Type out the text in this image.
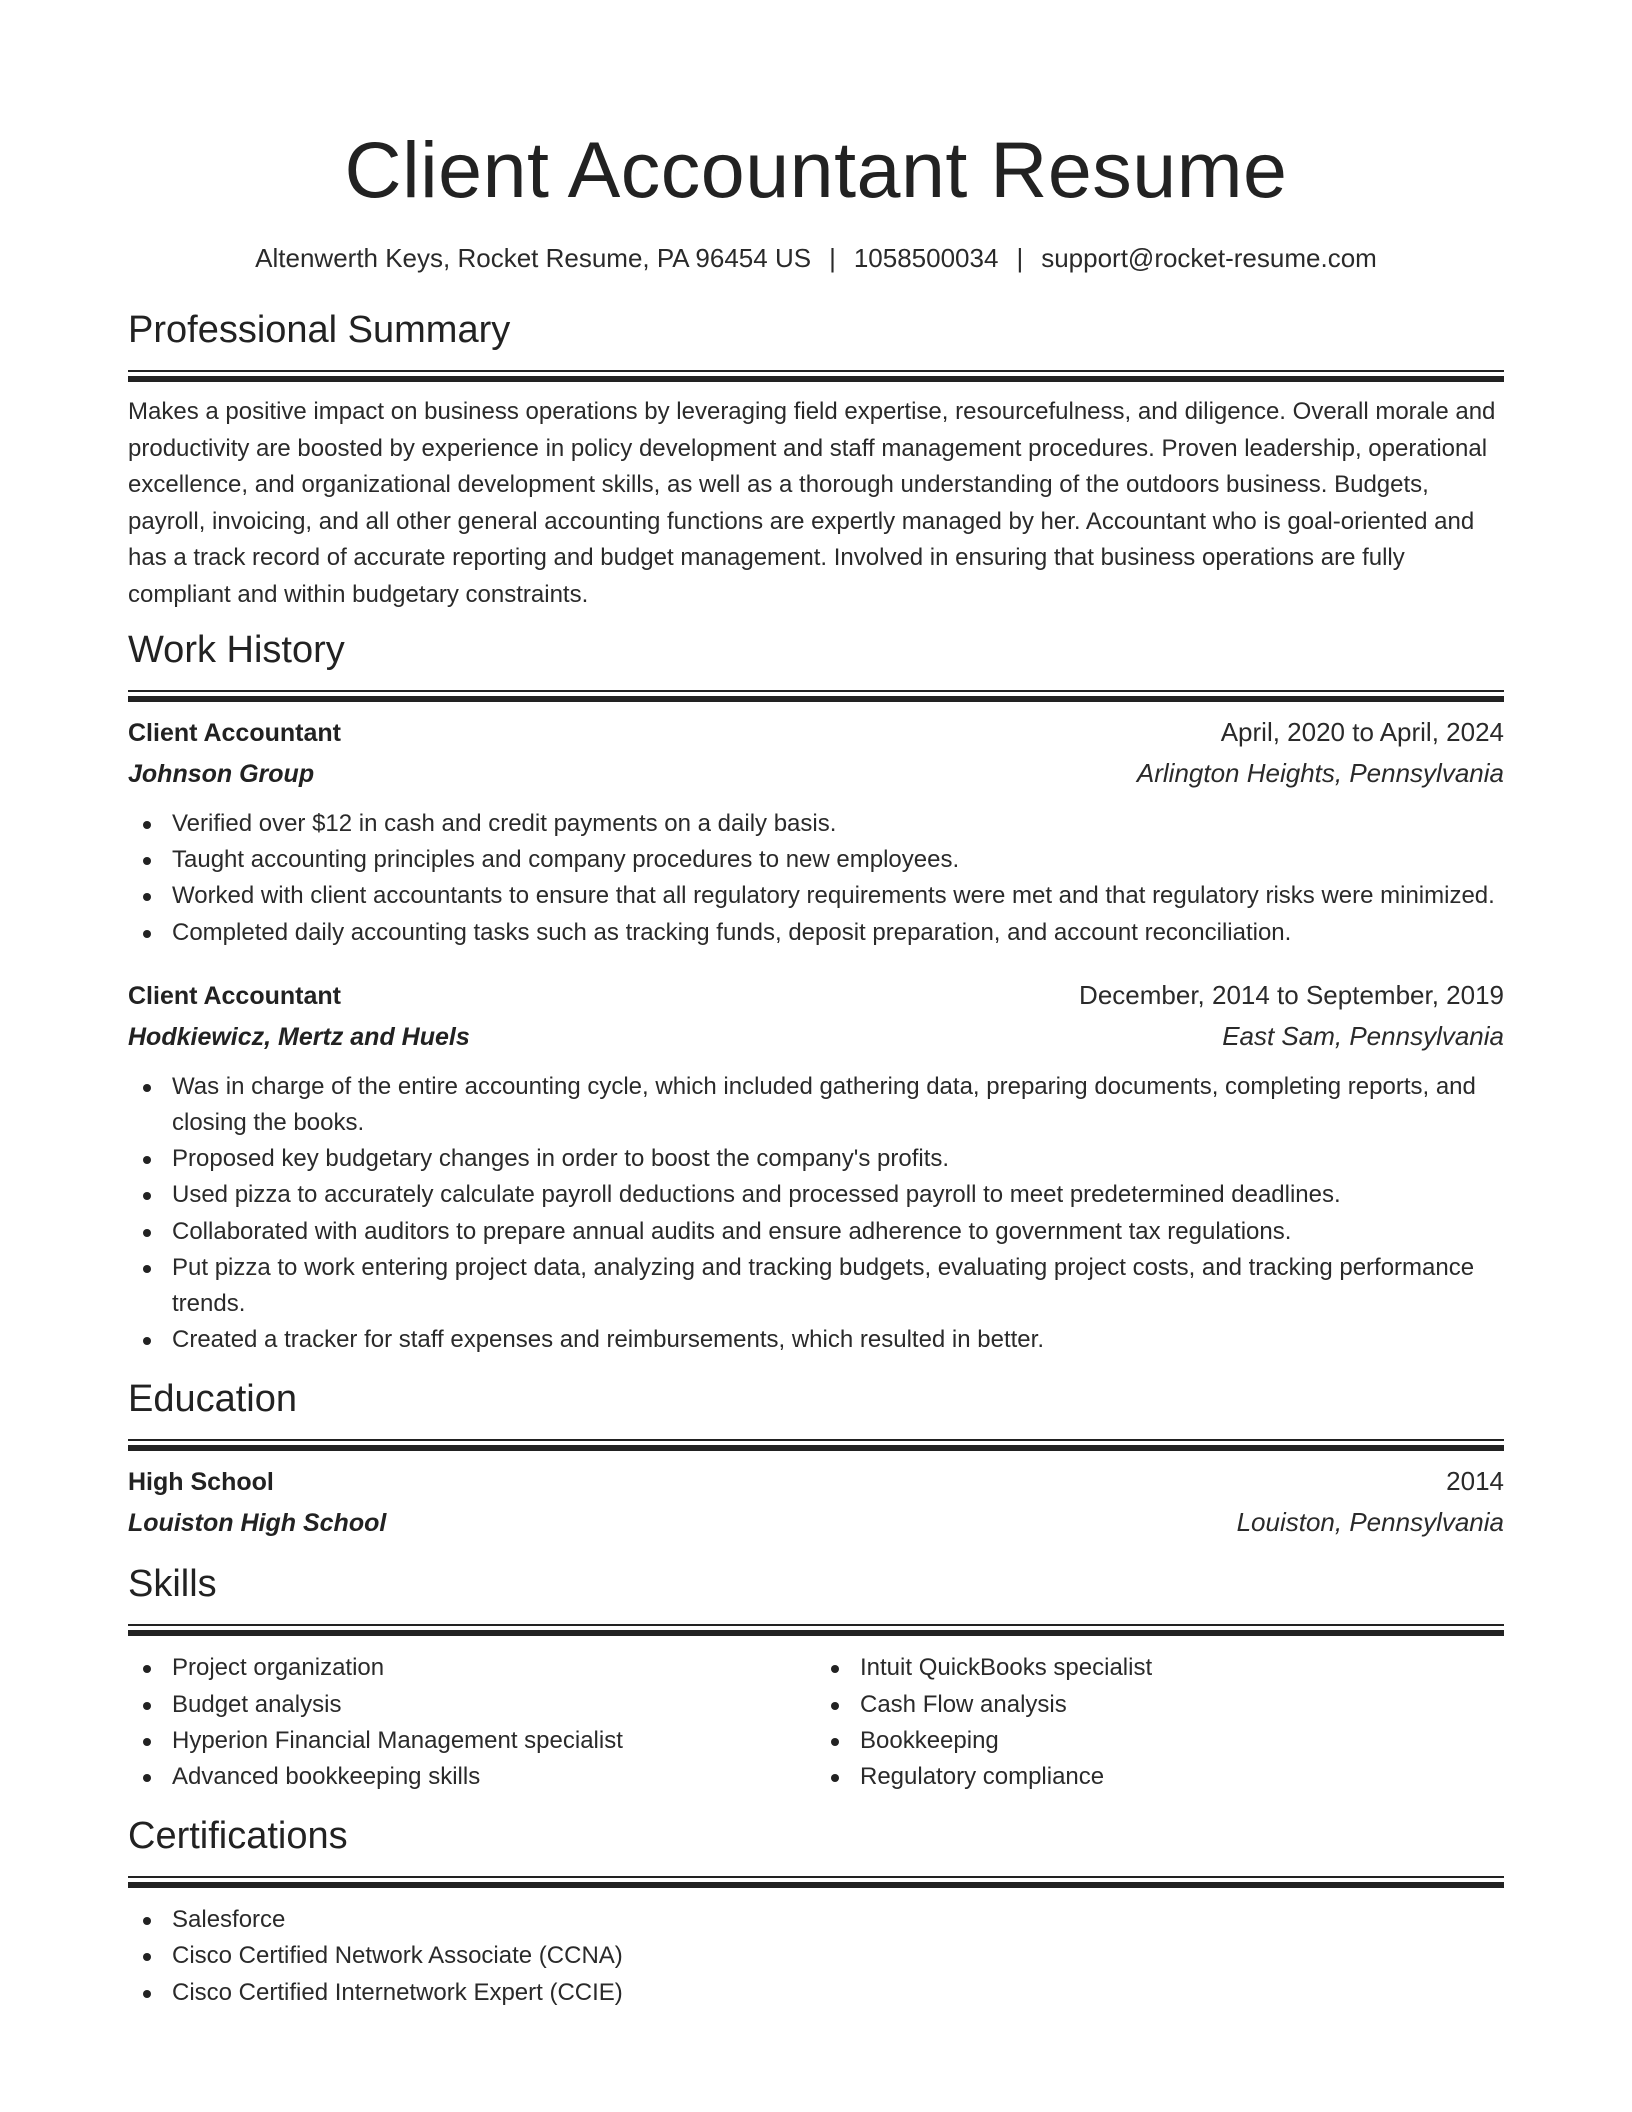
Client Accountant Resume
Altenwerth Keys, Rocket Resume, PA 96454 US | 1058500034 | support@rocket-resume.com
Professional Summary

Makes a positive impact on business operations by leveraging field expertise, resourcefulness, and diligence. Overall morale and productivity are boosted by experience in policy development and staff management procedures. Proven leadership, operational excellence, and organizational development skills, as well as a thorough understanding of the outdoors business. Budgets, payroll, invoicing, and all other general accounting functions are expertly managed by her. Accountant who is goal-oriented and has a track record of accurate reporting and budget management. Involved in ensuring that business operations are fully compliant and within budgetary constraints.

Work History
Client Accountant	April, 2020 to April, 2024
Johnson Group	Arlington Heights, Pennsylvania
Verified over $12 in cash and credit payments on a daily basis.
Taught accounting principles and company procedures to new employees.
Worked with client accountants to ensure that all regulatory requirements were met and that regulatory risks were minimized.
Completed daily accounting tasks such as tracking funds, deposit preparation, and account reconciliation.
Client Accountant	December, 2014 to September, 2019
Hodkiewicz, Mertz and Huels	East Sam, Pennsylvania
Was in charge of the entire accounting cycle, which included gathering data, preparing documents, completing reports, and closing the books.
Proposed key budgetary changes in order to boost the company's profits.
Used pizza to accurately calculate payroll deductions and processed payroll to meet predetermined deadlines.
Collaborated with auditors to prepare annual audits and ensure adherence to government tax regulations.
Put pizza to work entering project data, analyzing and tracking budgets, evaluating project costs, and tracking performance trends.
Created a tracker for staff expenses and reimbursements, which resulted in better.
Education
High School	2014
Louiston High School	Louiston, Pennsylvania
Skills
Project organization
Budget analysis
Hyperion Financial Management specialist
Advanced bookkeeping skills
Intuit QuickBooks specialist
Cash Flow analysis
Bookkeeping
Regulatory compliance
Certifications
Salesforce
Cisco Certified Network Associate (CCNA)
Cisco Certified Internetwork Expert (CCIE)
